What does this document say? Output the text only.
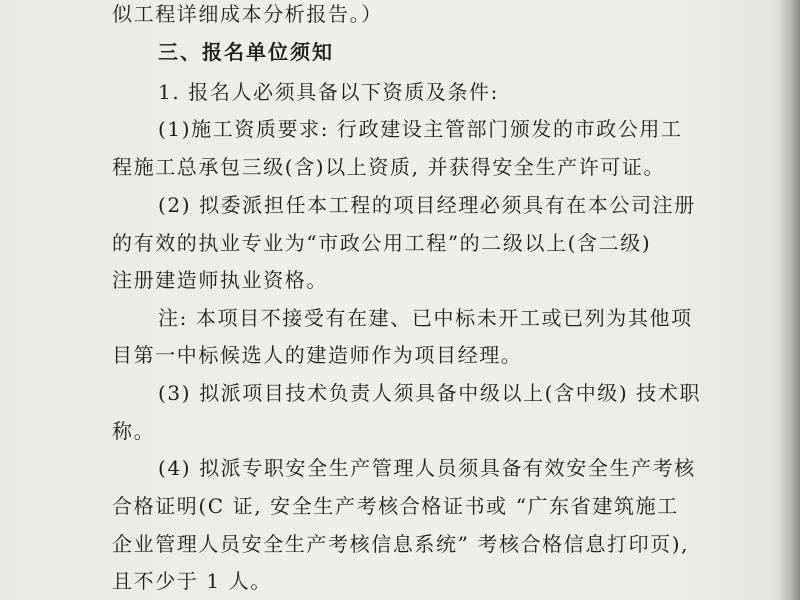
似工程详细成本分析报告。）
三、报名单位须知
1. 报名人必须具备以下资质及条件:
(1)施工资质要求: 行政建设主管部门颁发的市政公用工
程施工总承包三级(含)以上资质, 并获得安全生产许可证。
(2) 拟委派担任本工程的项目经理必须具有在本公司注册
的有效的执业专业为“市政公用工程”的二级以上(含二级)
注册建造师执业资格。
注: 本项目不接受有在建、已中标未开工或已列为其他项
目第一中标候选人的建造师作为项目经理。
(3) 拟派项目技术负责人须具备中级以上(含中级) 技术职
称。
(4) 拟派专职安全生产管理人员须具备有效安全生产考核
合格证明(C 证, 安全生产考核合格证书或 “广东省建筑施工
企业管理人员安全生产考核信息系统” 考核合格信息打印页),
且不少于 1 人。
